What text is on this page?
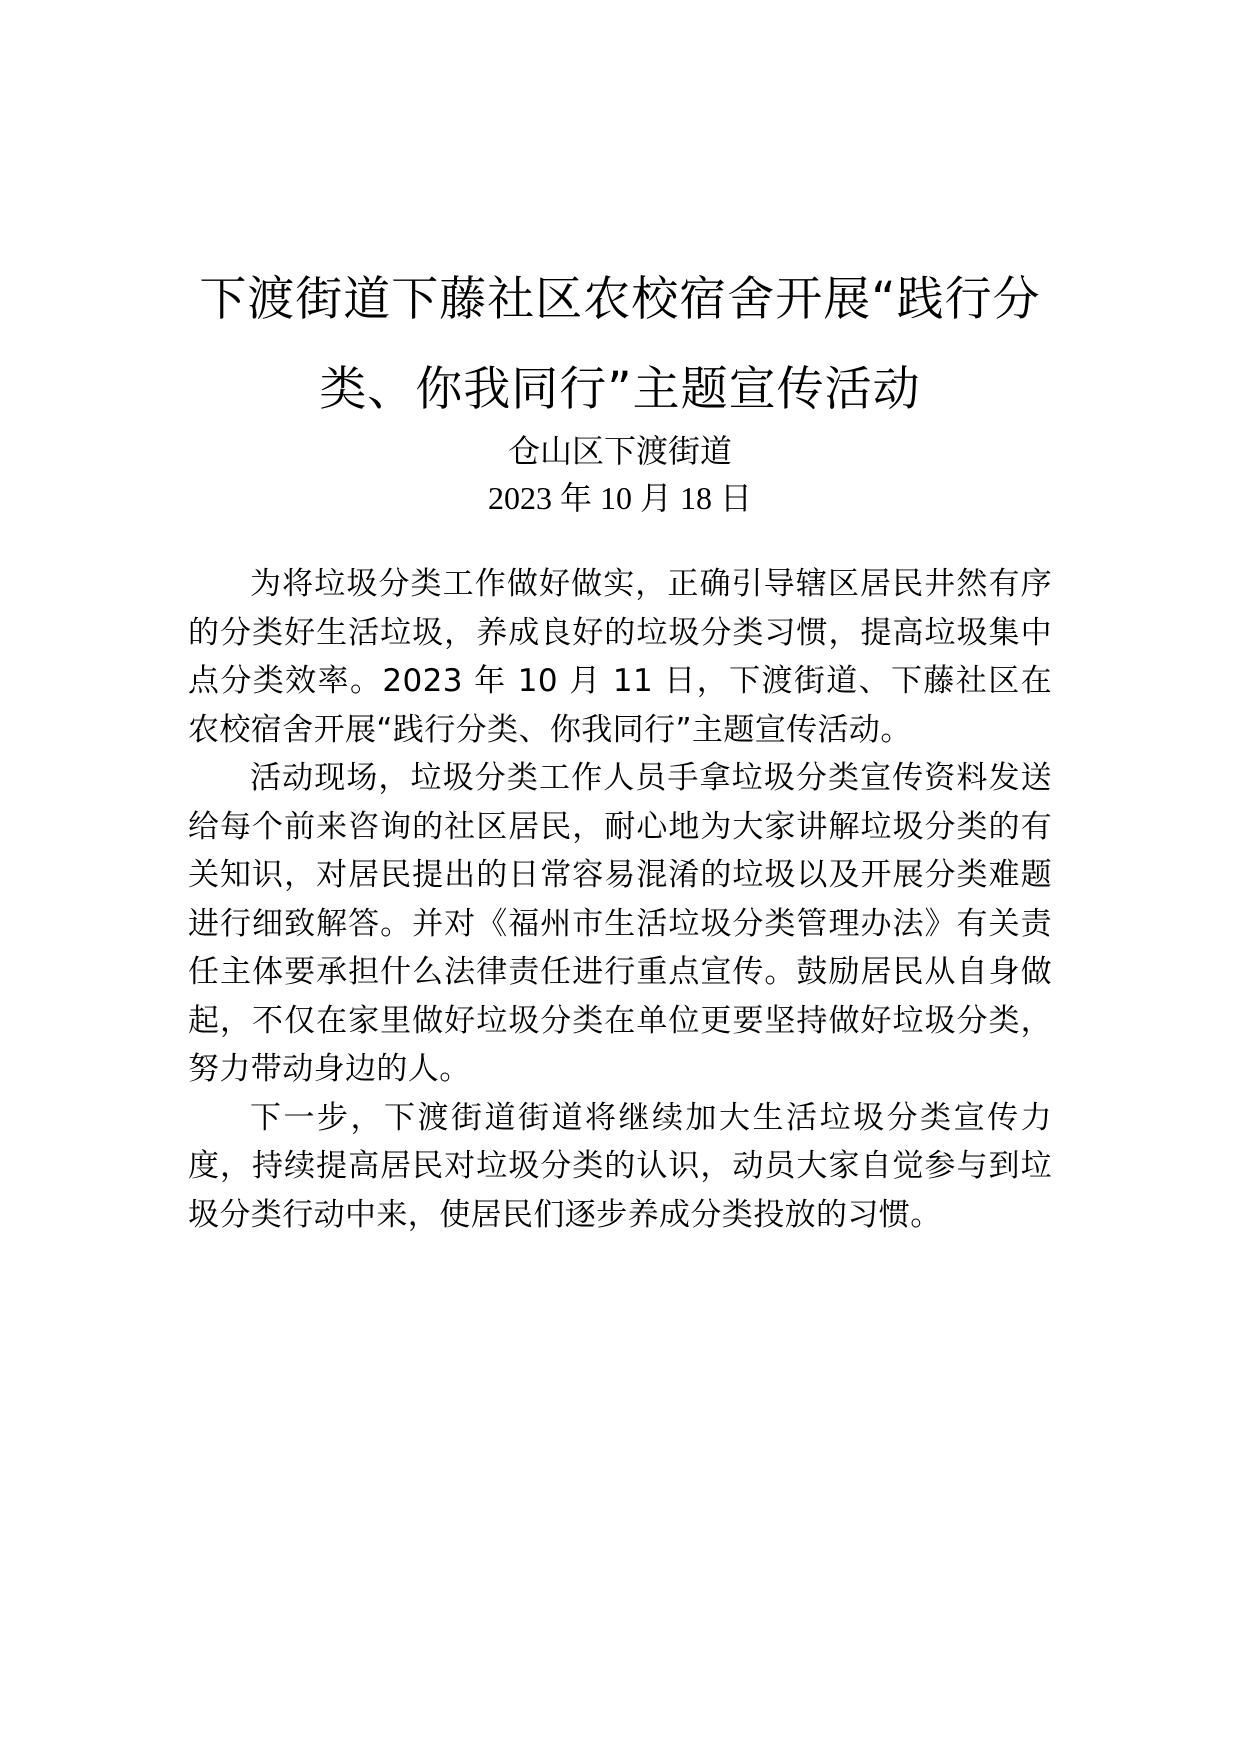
下渡街道下藤社区农校宿舍开展“践行分
类、你我同行”主题宣传活动
仓山区下渡街道
2023 年 10 月 18 日

为将垃圾分类工作做好做实，正确引导辖区居民井然有序的分类好生活垃圾，养成良好的垃圾分类习惯，提高垃圾集中点分类效率。2023 年 10 月 11 日，下渡街道、下藤社区在农校宿舍开展“践行分类、你我同行”主题宣传活动。

活动现场，垃圾分类工作人员手拿垃圾分类宣传资料发送给每个前来咨询的社区居民，耐心地为大家讲解垃圾分类的有关知识，对居民提出的日常容易混淆的垃圾以及开展分类难题进行细致解答。并对《福州市生活垃圾分类管理办法》有关责任主体要承担什么法律责任进行重点宣传。鼓励居民从自身做起，不仅在家里做好垃圾分类在单位更要坚持做好垃圾分类，努力带动身边的人。

下一步，下渡街道街道将继续加大生活垃圾分类宣传力度，持续提高居民对垃圾分类的认识，动员大家自觉参与到垃圾分类行动中来，使居民们逐步养成分类投放的习惯。
